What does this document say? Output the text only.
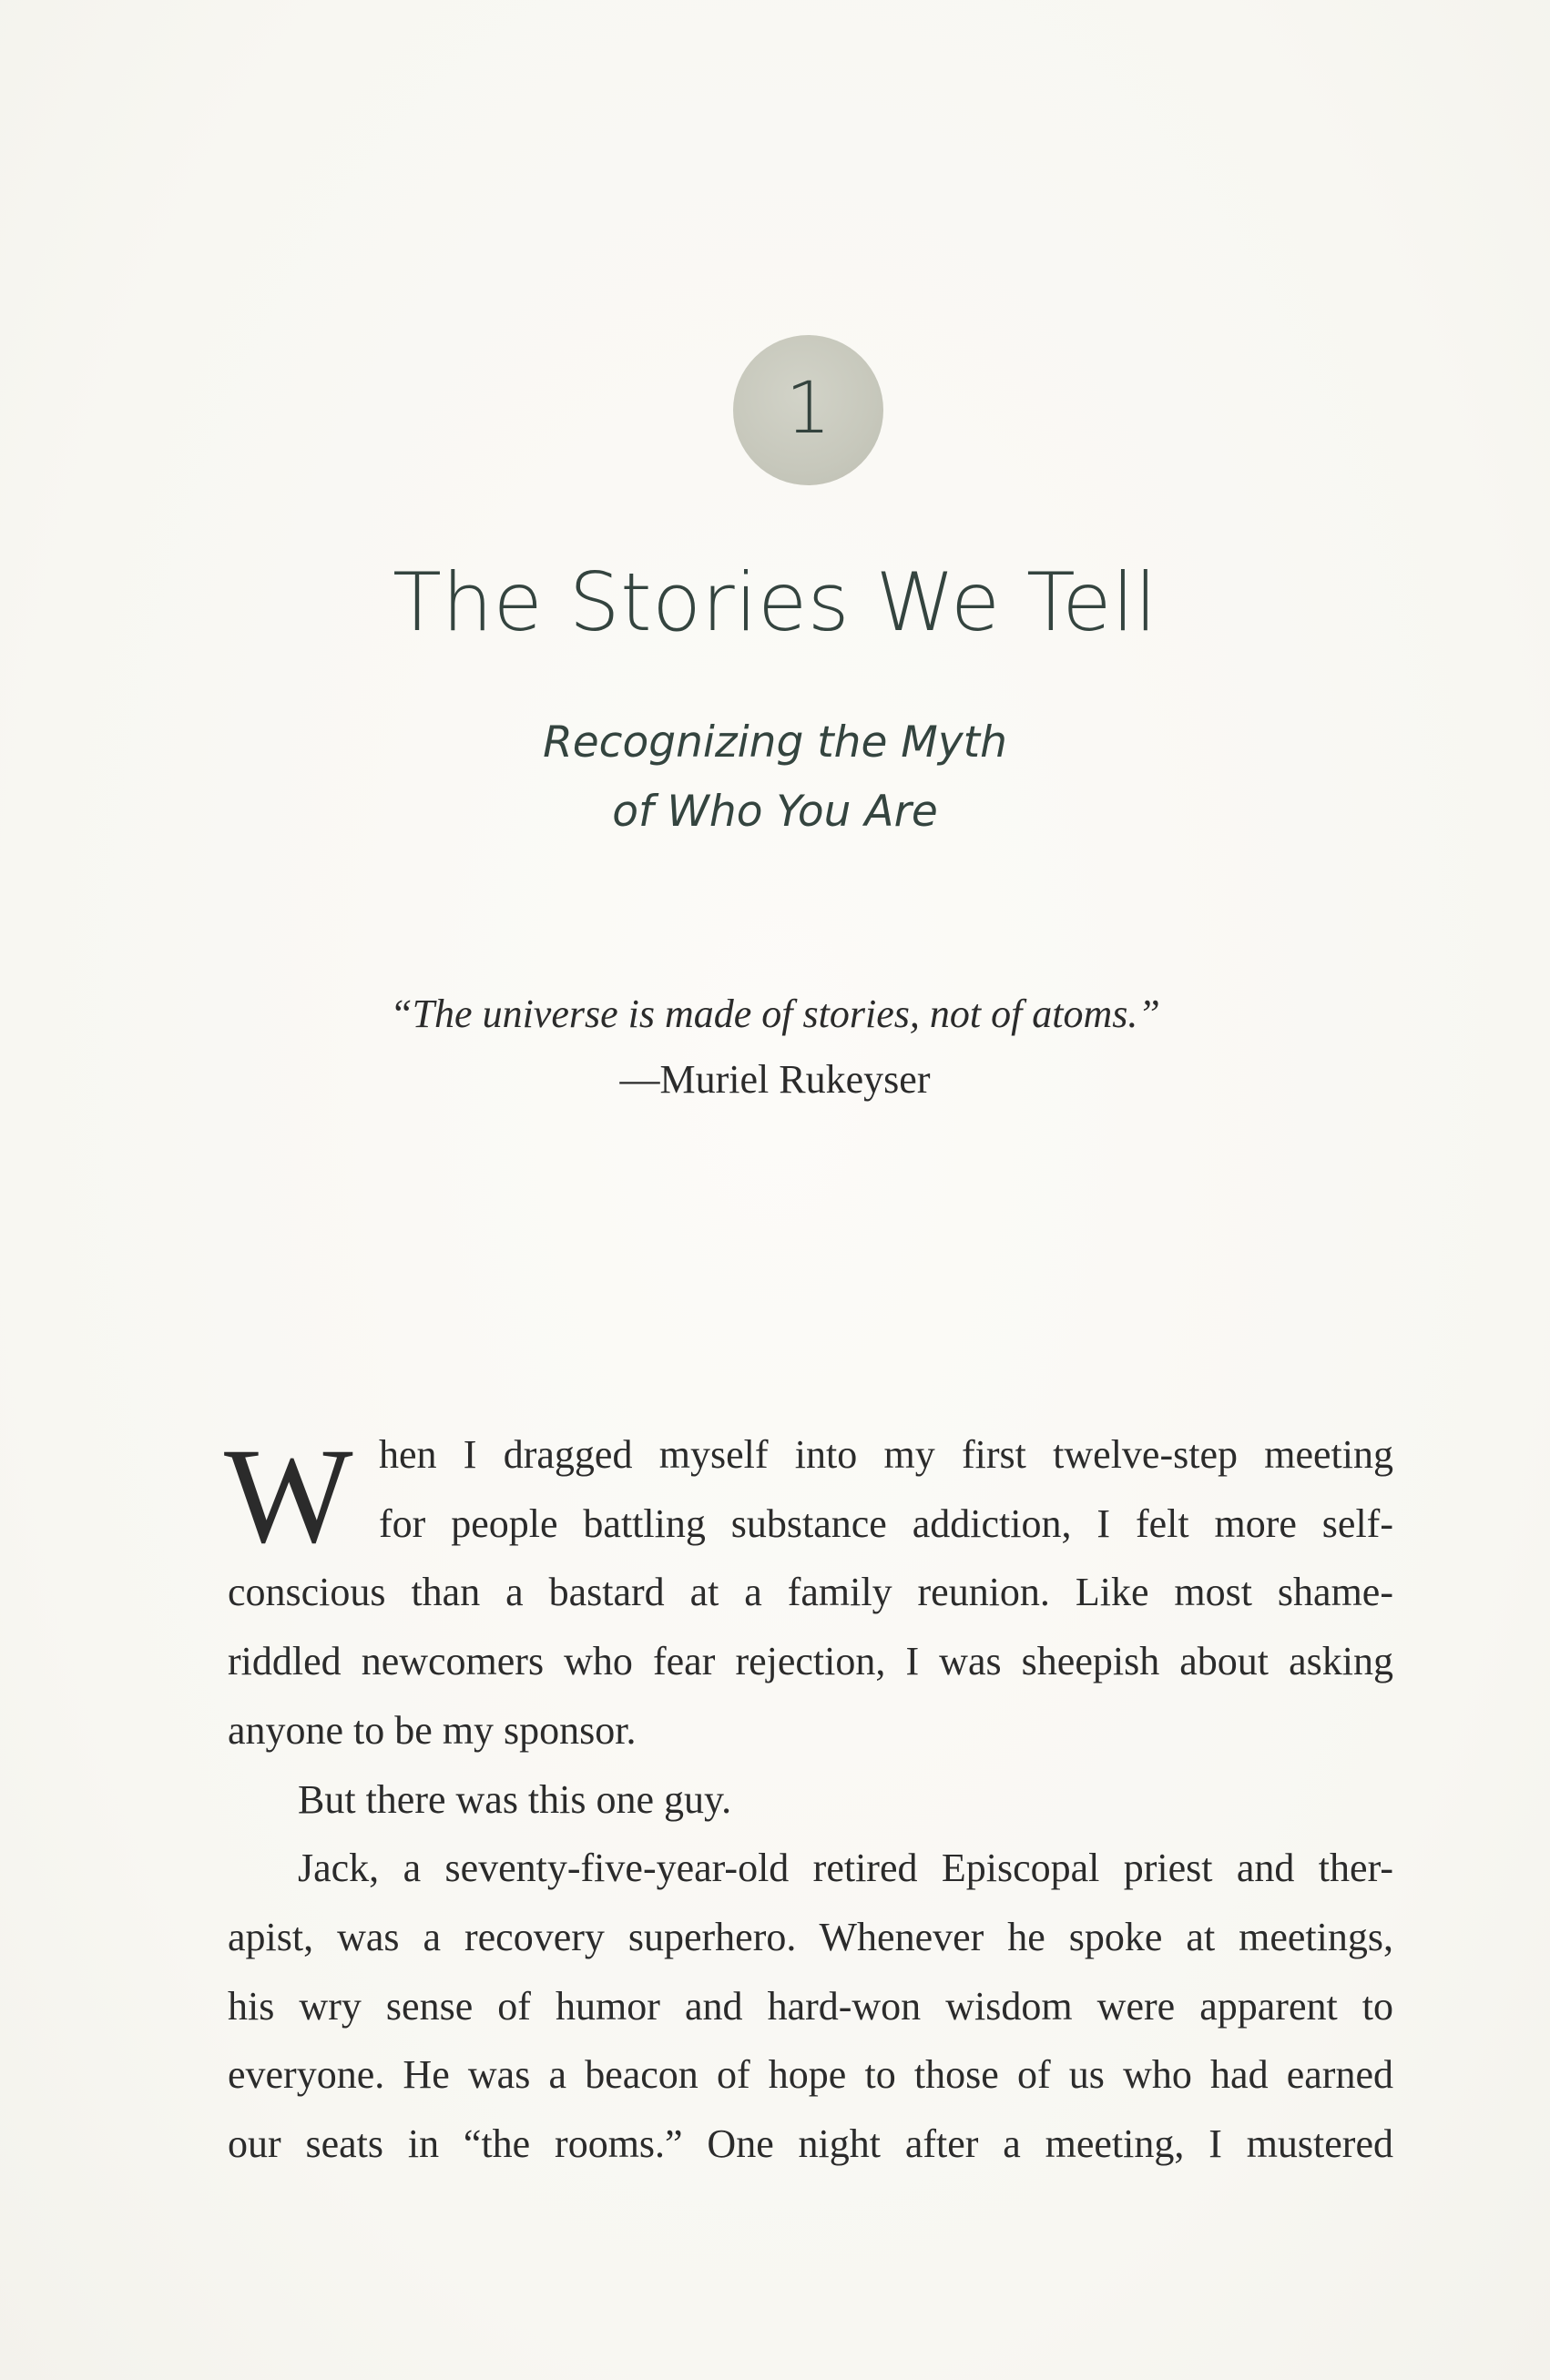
1
The Stories We Tell
Recognizing the Myth
of Who You Are
“The universe is made of stories, not of atoms.”
—Muriel Rukeyser
W hen I dragged myself into my first twelve-step meeting
for people battling substance addiction, I felt more self-
conscious than a bastard at a family reunion. Like most shame-
riddled newcomers who fear rejection, I was sheepish about asking
anyone to be my sponsor.
But there was this one guy.
Jack, a seventy-five-year-old retired Episcopal priest and ther-
apist, was a recovery superhero. Whenever he spoke at meetings,
his wry sense of humor and hard-won wisdom were apparent to
everyone. He was a beacon of hope to those of us who had earned
our seats in “the rooms.” One night after a meeting, I mustered
